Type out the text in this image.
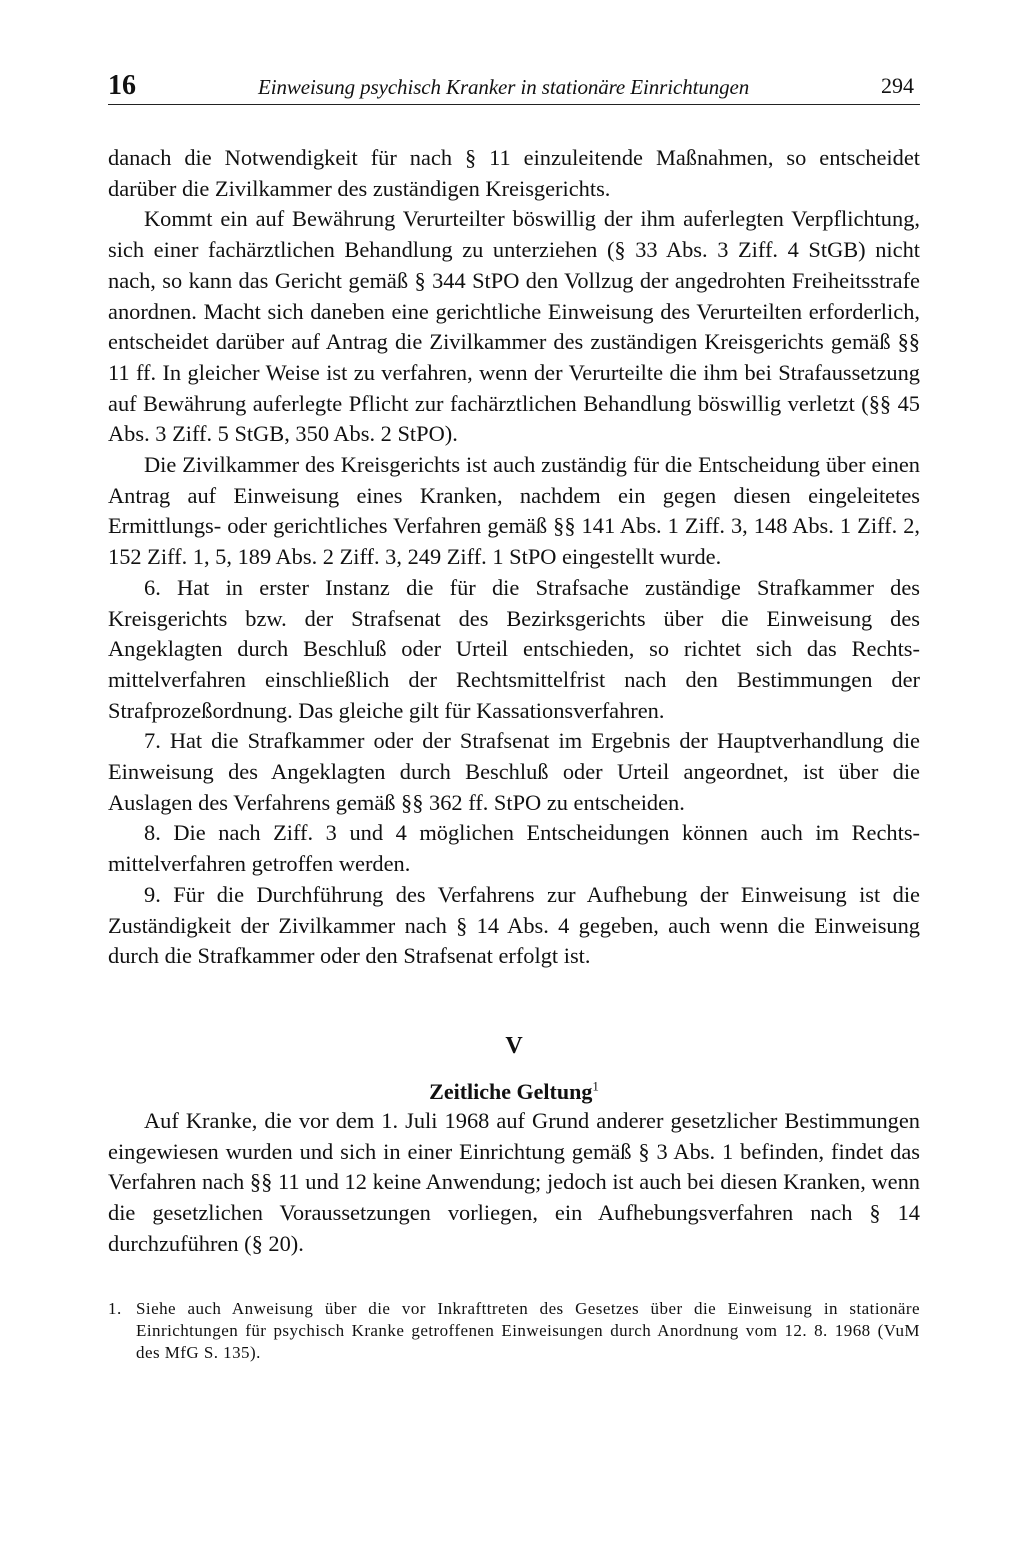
16	Einweisung psychisch Kranker in stationäre Einrichtungen	294

danach die Notwendigkeit für nach § 11 einzuleitende Maßnahmen, so entscheidet darüber die Zivilkammer des zuständigen Kreisgerichts.

Kommt ein auf Bewährung Verurteilter böswillig der ihm auferlegten Verpflichtung, sich einer fachärztlichen Behandlung zu unterziehen (§ 33 Abs. 3 Ziff. 4 StGB) nicht nach, so kann das Gericht gemäß § 344 StPO den Vollzug der angedrohten Freiheitsstrafe anordnen. Macht sich daneben eine gerichtliche Einweisung des Verurteilten erforderlich, entscheidet darüber auf Antrag die Zivilkammer des zuständigen Kreisgerichts gemäß §§ 11 ff. In gleicher Weise ist zu verfahren, wenn der Verurteilte die ihm bei Strafaussetzung auf Bewährung auferlegte Pflicht zur fachärztlichen Behandlung böswillig verletzt (§§ 45 Abs. 3 Ziff. 5 StGB, 350 Abs. 2 StPO).

Die Zivilkammer des Kreisgerichts ist auch zuständig für die Entscheidung über einen Antrag auf Einweisung eines Kranken, nachdem ein gegen diesen eingeleitetes Ermittlungs- oder gerichtliches Verfahren gemäß §§ 141 Abs. 1 Ziff. 3, 148 Abs. 1 Ziff. 2, 152 Ziff. 1, 5, 189 Abs. 2 Ziff. 3, 249 Ziff. 1 StPO eingestellt wurde.

6. Hat in erster Instanz die für die Strafsache zuständige Strafkammer des Kreisgerichts bzw. der Strafsenat des Bezirksgerichts über die Einweisung des Angeklagten durch Beschluß oder Urteil entschieden, so richtet sich das Rechtsmittelverfahren einschließlich der Rechtsmittelfrist nach den Bestimmungen der Strafprozeßordnung. Das gleiche gilt für Kassationsverfahren.

7. Hat die Strafkammer oder der Strafsenat im Ergebnis der Hauptverhandlung die Einweisung des Angeklagten durch Beschluß oder Urteil angeordnet, ist über die Auslagen des Verfahrens gemäß §§ 362 ff. StPO zu entscheiden.

8. Die nach Ziff. 3 und 4 möglichen Entscheidungen können auch im Rechtsmittelverfahren getroffen werden.

9. Für die Durchführung des Verfahrens zur Aufhebung der Einweisung ist die Zuständigkeit der Zivilkammer nach § 14 Abs. 4 gegeben, auch wenn die Einweisung durch die Strafkammer oder den Strafsenat erfolgt ist.

V
Zeitliche Geltung$^1$

Auf Kranke, die vor dem 1. Juli 1968 auf Grund anderer gesetzlicher Bestimmungen eingewiesen wurden und sich in einer Einrichtung gemäß § 3 Abs. 1 befinden, findet das Verfahren nach §§ 11 und 12 keine Anwendung; jedoch ist auch bei diesen Kranken, wenn die gesetzlichen Voraussetzungen vorliegen, ein Aufhebungsverfahren nach § 14 durchzuführen (§ 20).

1. Siehe auch Anweisung über die vor Inkrafttreten des Gesetzes über die Einweisung in stationäre Einrichtungen für psychisch Kranke getroffenen Einweisungen durch Anordnung vom 12. 8. 1968 (VuM des MfG S. 135).
